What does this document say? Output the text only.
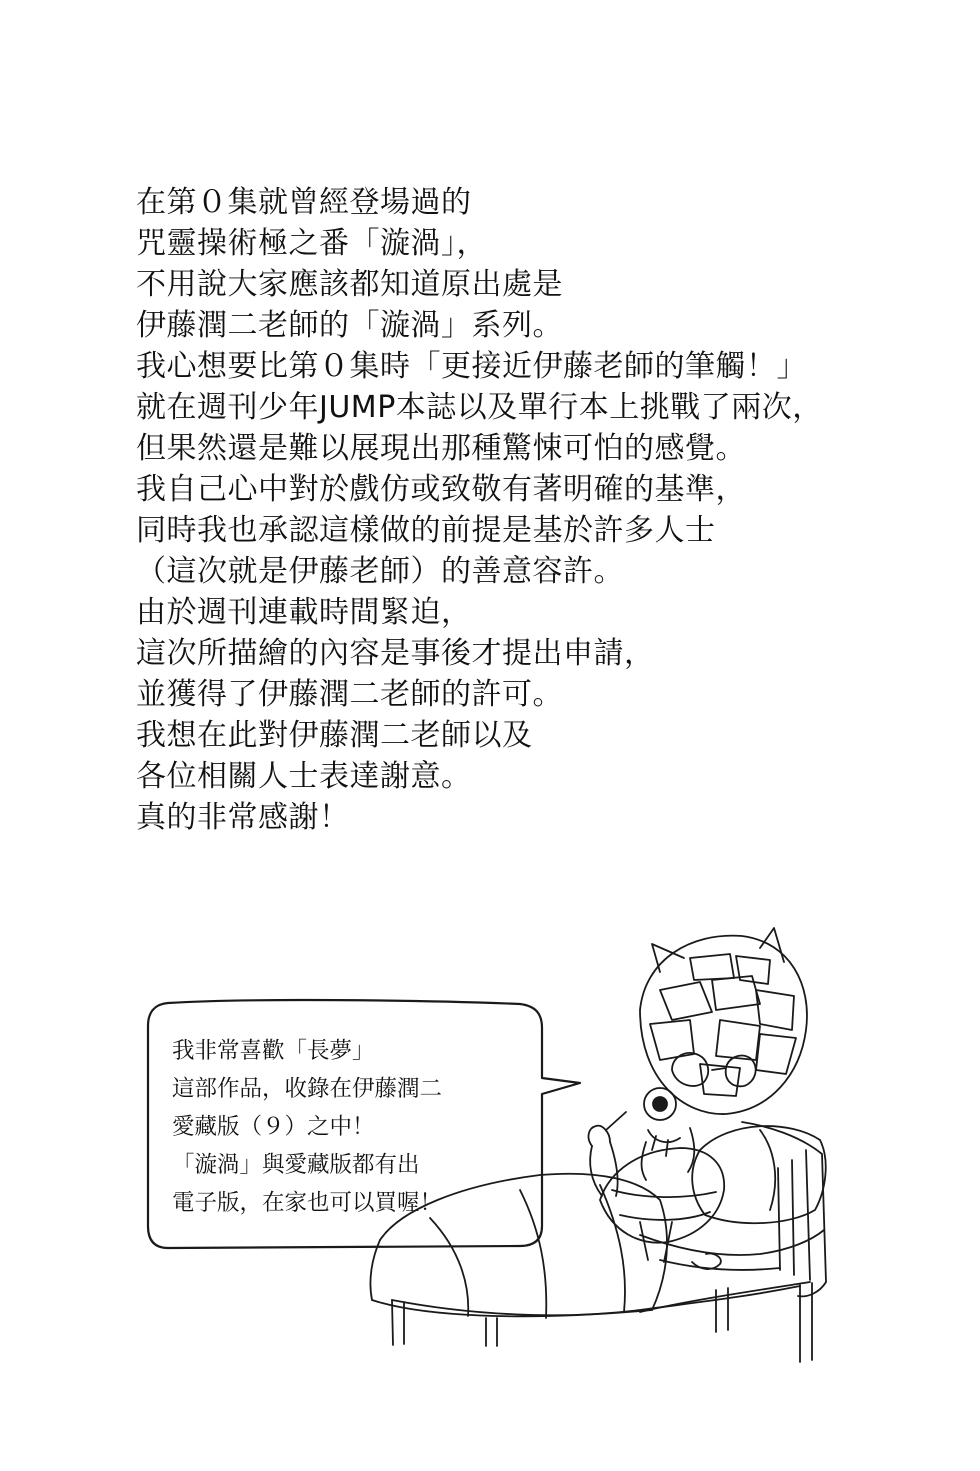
在第０集就曾經登場過的
咒靈操術極之番「漩渦」，
不用說大家應該都知道原出處是
伊藤潤二老師的「漩渦」系列。
我心想要比第０集時「更接近伊藤老師的筆觸！」
就在週刊少年JUMP本誌以及單行本上挑戰了兩次，
但果然還是難以展現出那種驚悚可怕的感覺。
我自己心中對於戲仿或致敬有著明確的基準，
同時我也承認這樣做的前提是基於許多人士
（這次就是伊藤老師）的善意容許。
由於週刊連載時間緊迫，
這次所描繪的內容是事後才提出申請，
並獲得了伊藤潤二老師的許可。
我想在此對伊藤潤二老師以及
各位相關人士表達謝意。
真的非常感謝！
我非常喜歡「長夢」
這部作品，收錄在伊藤潤二
愛藏版（９）之中！
「漩渦」與愛藏版都有出
電子版，在家也可以買喔！
